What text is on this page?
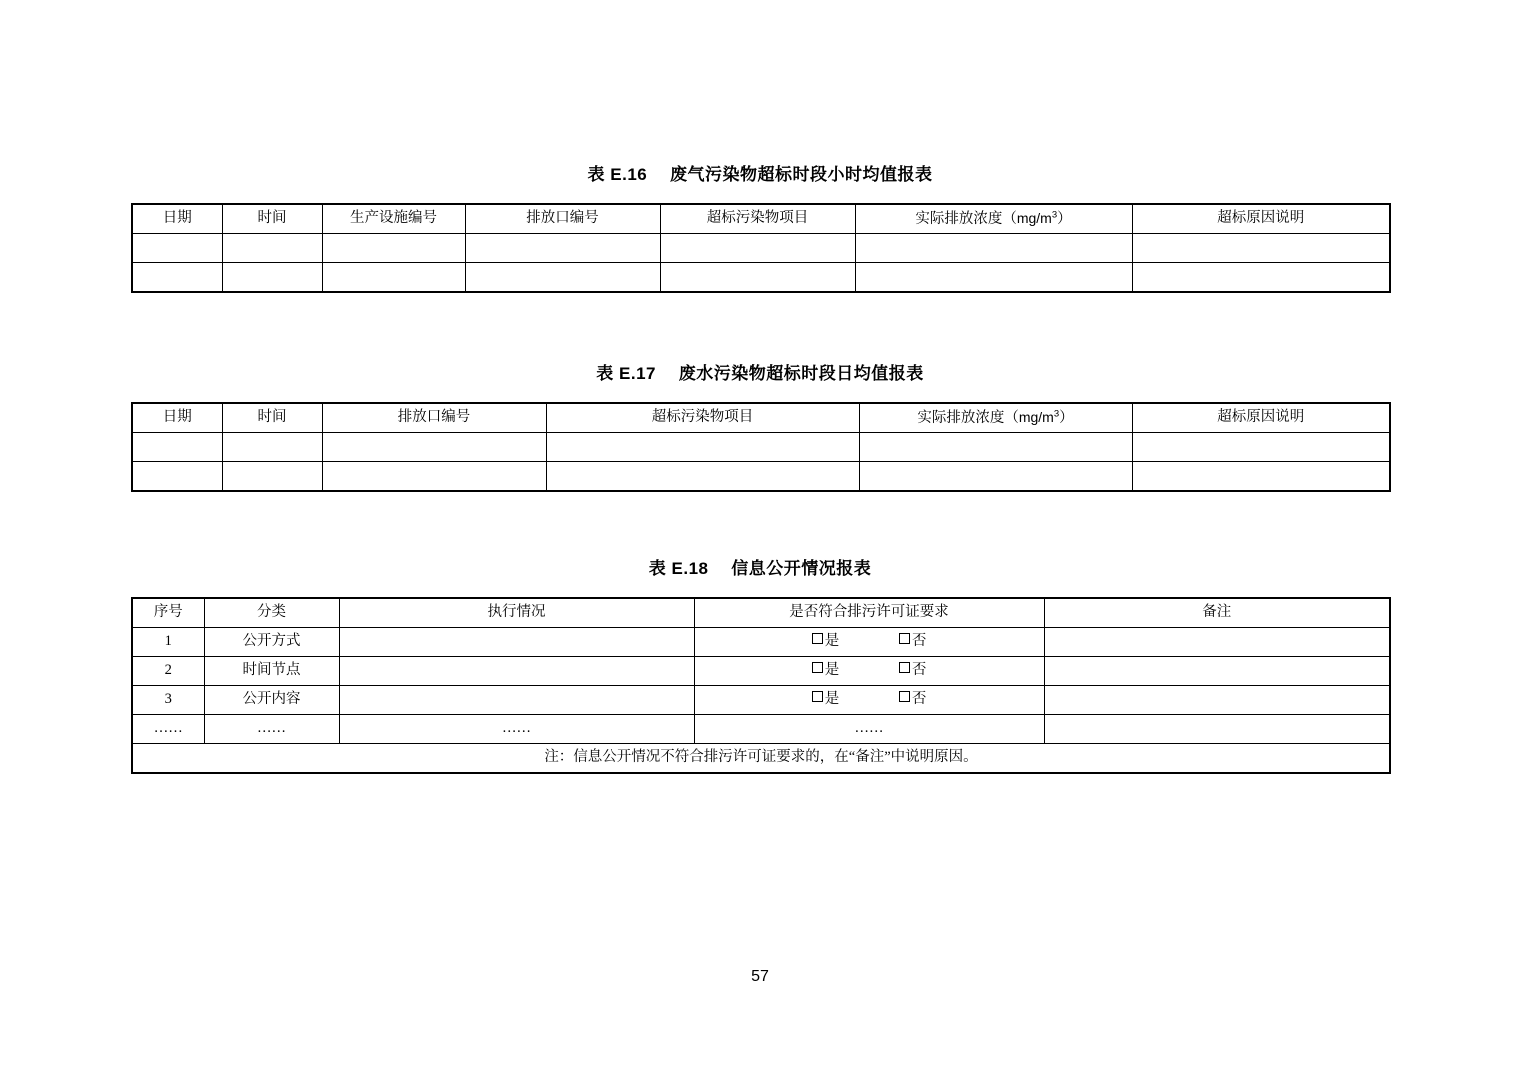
表 E.16　 废气污染物超标时段小时均值报表
日期	时间	生产设施编号	排放口编号	超标污染物项目	实际排放浓度$(mg/m^3)$	超标原因说明

表 E.17　 废水污染物超标时段日均值报表
日期	时间	排放口编号	超标污染物项目	实际排放浓度$(mg/m^3)$	超标原因说明

表 E.18　 信息公开情况报表
序号	分类	执行情况	是否符合排污许可证要求	备注
1	公开方式		是 否	
2	时间节点		是 否	
3	公开内容		是 否	
……	……	……	……	
注：信息公开情况不符合排污许可证要求的，在“备注”中说明原因。				
57
